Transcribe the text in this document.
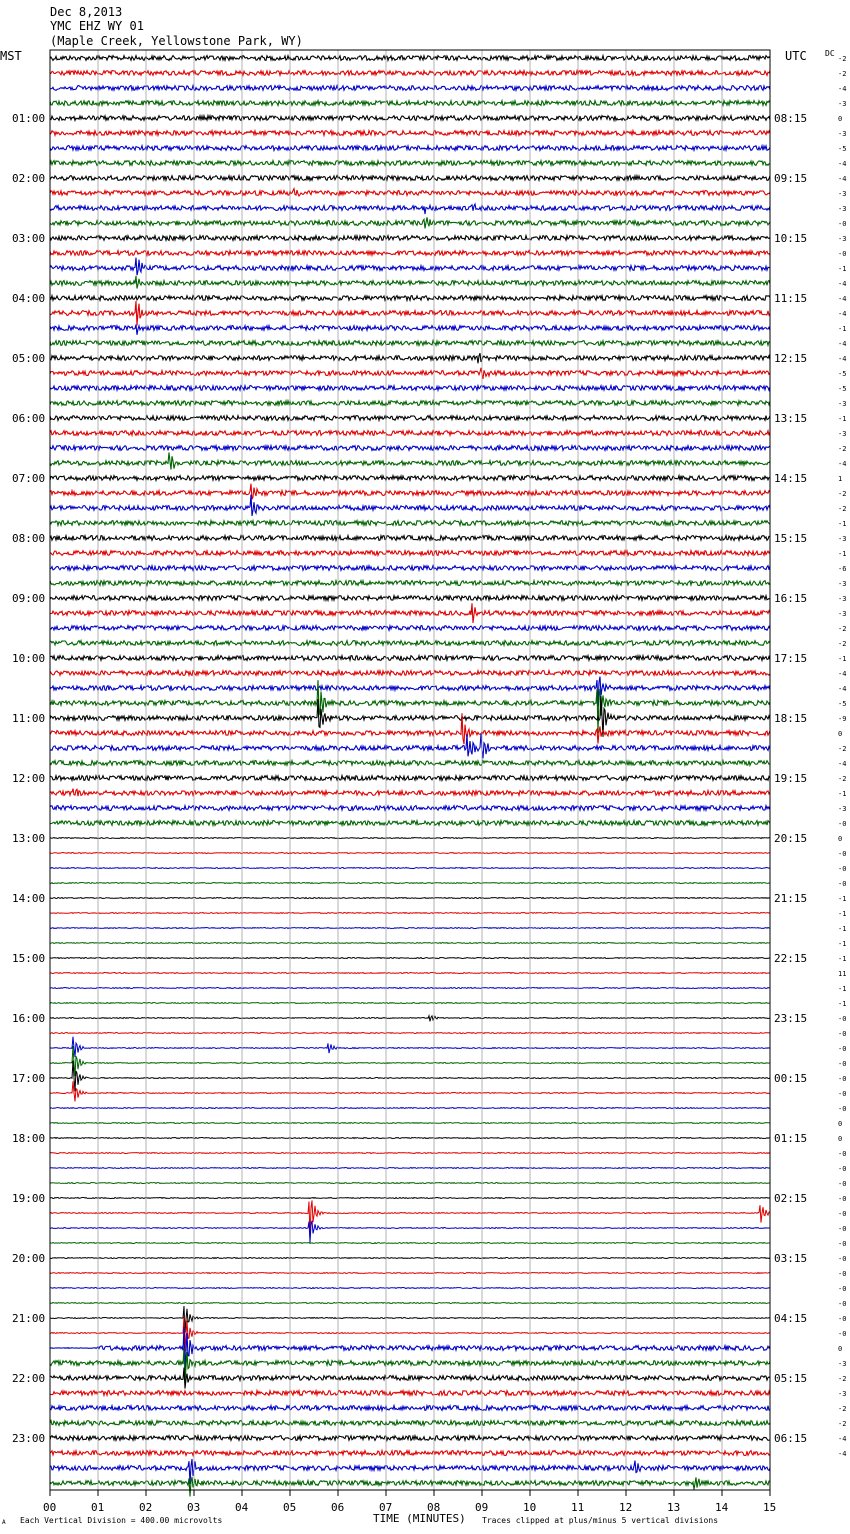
Dec 8,2013
YMC EHZ WY 01
(Maple Creek, Yellowstone Park, WY)
MST	UTC DC
01:00
02:00
03:00
04:00
05:00
06:00
07:00
08:00
09:00
10:00
11:00
12:00
13:00
14:00
15:00
16:00
17:00
18:00
19:00
20:00
21:00
22:00
23:00
08:15
09:15
10:15
11:15
12:15
13:15
14:15
15:15
16:15
17:15
18:15
19:15
20:15
21:15
22:15
23:15
00:15
01:15
02:15
03:15
04:15
05:15
06:15
-2
-2
-4
-3
0
-3
-5
-4
-4
-3
-3
-0
-3
-0
-1
-4
-4
-4
-1
-4
-4
-5
-5
-3
-1
-3
-2
-4
1
-2
-2
-1
-3
-1
-6
-3
-3
-3
-2
-2
-1
-4
-4
-5
-9
0
-2
-4
-2
-1
-3
-0
0
-0
-0
-0
-1
-1
-1
-1
-1
11
-1
-1
-0
-0
-0
-0
-0
-0
-0
0
0
-0
-0
-0
-0
-0
-0
-0
-0
-0
-0
-0
-0
-0
0
-3
-2
-3
-2
-2
-4
-4
00	01	02	03	04	05	06	07	08	09	10	11	12	13	14	15
TIME (MINUTES)
Each Vertical Division = 400.00 microvolts	Traces clipped at plus/minus 5 vertical divisions
A
